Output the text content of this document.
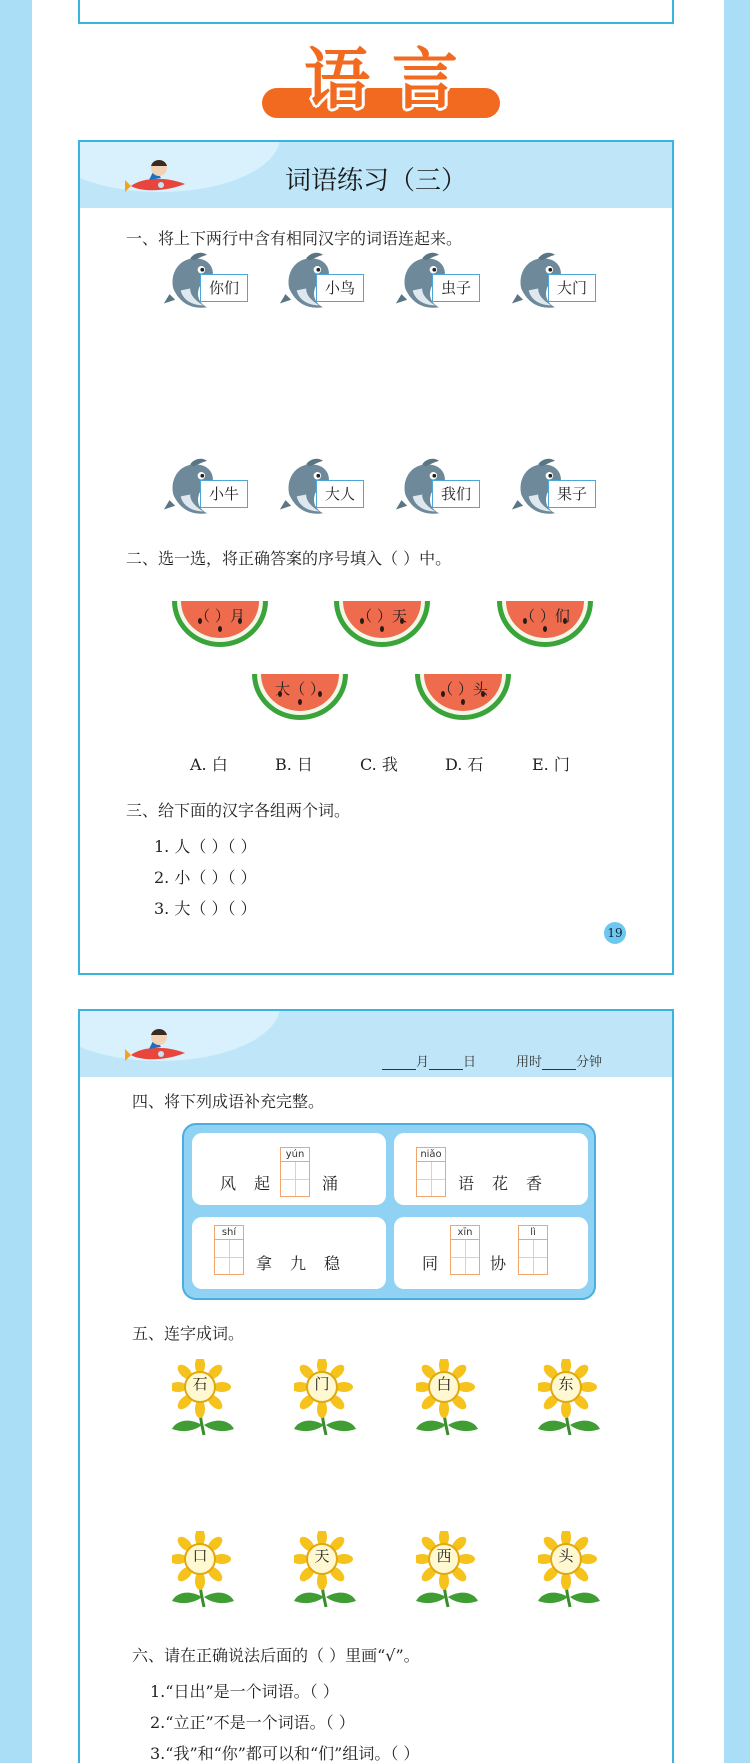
语言
词语练习（三）
一、将上下两行中含有相同汉字的词语连起来。
你们	小鸟	虫子	大门
小牛	大人	我们	果子
二、选一选，将正确答案的序号填入（ ）中。
（ ）月	（ ）天	（ ）们
大（ ）	（ ）头
A. 白	B. 日	C. 我	D. 石	E. 门
三、给下面的汉字各组两个词。
1. 人（ ）（ ）
2. 小（ ）（ ）
3. 大（ ）（ ）
19
月	日	用时	分钟
四、将下列成语补充完整。
风 起
yún
涌
niǎo
语 花 香
shí
拿 九 稳	同
xīn
协
lì
五、连字成词。
石	门	白	东
口	天	西	头
六、请在正确说法后面的（ ）里画“√”。
1.“日出”是一个词语。（ ）
2.“立正”不是一个词语。（ ）
3.“我”和“你”都可以和“们”组词。（ ）
